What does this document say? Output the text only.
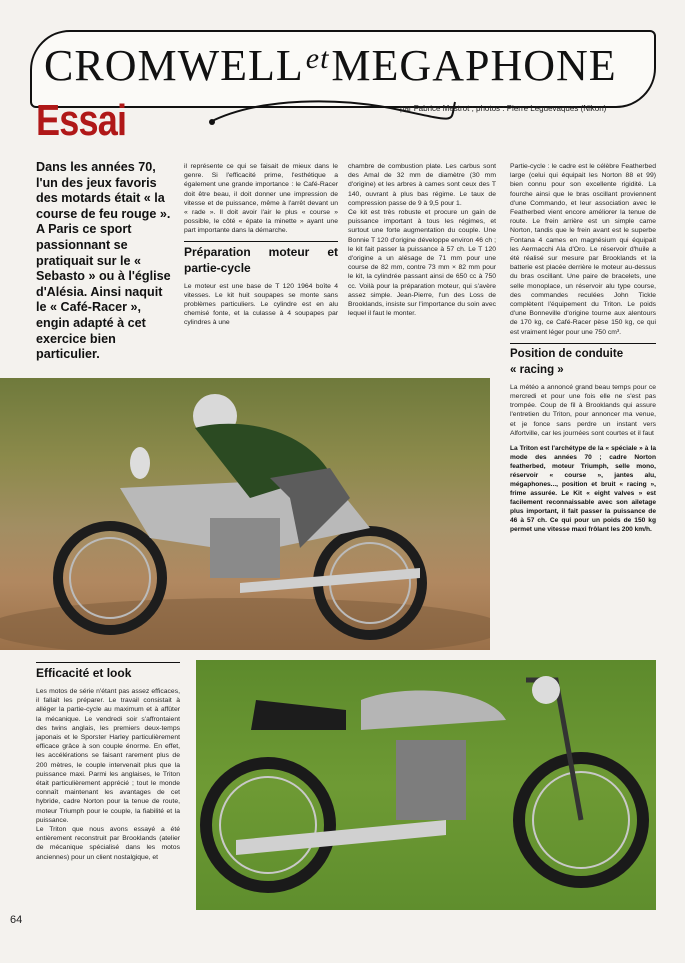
CROMWELL et MEGAPHONE
Essai	par Fabrice Mestrot ; photos : Pierre Leguevaques (Nikon)
Dans les années 70, l'un des jeux favoris des motards était « la course de feu rouge ». A Paris ce sport passionnant se pratiquait sur le « Sebasto » ou à l'église d'Alésia. Ainsi naquit le « Café-Racer », engin adapté à cet exercice bien particulier.

il représente ce qui se faisait de mieux dans le genre. Si l'efficacité prime, l'esthétique a également une grande importance : le Café-Racer doit être beau, il doit donner une impression de vitesse et de puissance, même à l'arrêt devant un « rade ». Il doit avoir l'air le plus « course » possible, le côté « épate la minette » ayant une part importante dans la démarche.

Préparation moteur et partie-cycle

Le moteur est une base de T 120 1964 boîte 4 vitesses. Le kit huit soupapes se monte sans problèmes particuliers. Le cylindre est en alu chemisé fonte, et la culasse à 4 soupapes par cylindres à une

chambre de combustion plate. Les carbus sont des Amal de 32 mm de diamètre (30 mm d'origine) et les arbres à cames sont ceux des T 140, ouvrant à plus bas régime. Le taux de compression passe de 9 à 9,5 pour 1.

Ce kit est très robuste et procure un gain de puissance important à tous les régimes, et surtout une forte augmentation du couple. Une Bonnie T 120 d'origine développe environ 46 ch ; le kit fait passer la puissance à 57 ch. Le T 120 d'origine a un alésage de 71 mm pour une course de 82 mm, contre 73 mm × 82 mm pour le kit, la cylindrée passant ainsi de 650 cc à 750 cc. Voilà pour la préparation moteur, qui s'avère assez simple. Jean-Pierre, l'un des Loss de Brooklands, insiste sur l'importance du soin avec lequel il faut le monter.

Partie-cycle : le cadre est le célèbre Featherbed large (celui qui équipait les Norton 88 et 99) bien connu pour son excellente rigidité. La fourche ainsi que le bras oscillant proviennent d'une Commando, et leur association avec le Featherbed vient encore améliorer la tenue de route. Le frein arrière est un simple came Norton, tandis que le frein avant est le superbe Fontana 4 cames en magnésium qui équipait les Aermacchi Ala d'Oro. Le réservoir d'huile a été réalisé sur mesure par Brooklands et la batterie est placée derrière le moteur au-dessus du bras oscillant. Une paire de bracelets, une selle monoplace, un réservoir alu type course, des commandes reculées John Tickle complètent l'équipement du Triton. Le poids d'une Bonneville d'origine tourne aux alentours de 170 kg, ce Café-Racer pèse 150 kg, ce qui est vraiment léger pour une 750 cm³.

Position de conduite
« racing »

La météo a annoncé grand beau temps pour ce mercredi et pour une fois elle ne s'est pas trompée. Coup de fil à Brooklands qui assure l'entretien du Triton, pour annoncer ma venue, et je fonce sans perdre un instant vers Alfortville, car les journées sont courtes et il faut

La Triton est l'archétype de la « spéciale » à la mode des années 70 ; cadre Norton featherbed, moteur Triumph, selle mono, réservoir « course », jantes alu, mégaphones..., position et bruit « racing », frime assurée. Le Kit « eight valves » est facilement reconnaissable avec son ailetage plus important, il fait passer la puissance de 46 à 57 ch. Ce qui pour un poids de 150 kg permet une vitesse maxi frôlant les 200 km/h.
Efficacité et look

Les motos de série n'étant pas assez efficaces, il fallait les préparer. Le travail consistait à alléger la partie-cycle au maximum et à affûter la mécanique. Le vendredi soir s'affrontaient des twins anglais, les premiers deux-temps japonais et le Sporster Harley particulièrement efficace grâce à son couple énorme. En effet, les accélérations se faisant rarement plus de 200 mètres, le couple intervenait plus que la puissance maxi. Parmi les anglaises, le Triton était particulièrement apprécié ; tout le monde connaît maintenant les avantages de cet hybride, cadre Norton pour la tenue de route, moteur Triumph pour le couple, la fiabilité et la puissance.

Le Triton que nous avons essayé a été entièrement reconstruit par Brooklands (atelier de mécanique spécialisé dans les motos anciennes) pour un client nostalgique, et

64
